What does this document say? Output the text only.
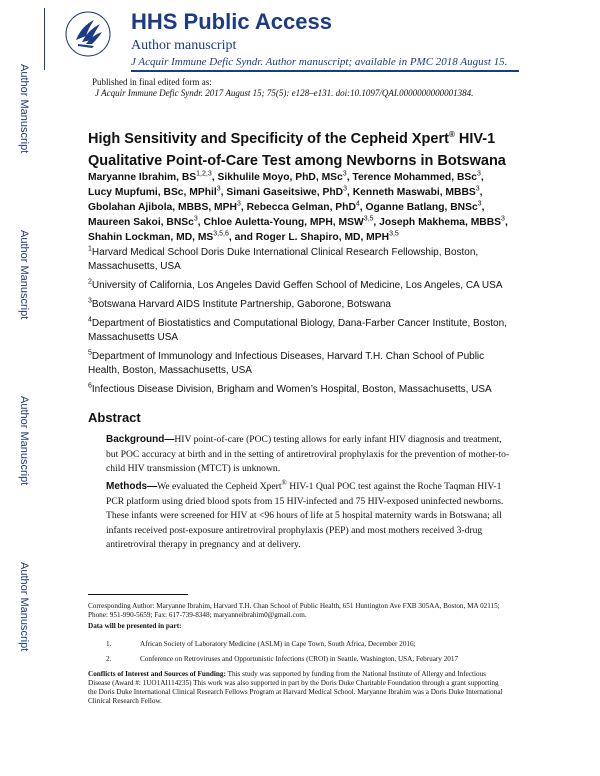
Author Manuscript
Author Manuscript
Author Manuscript
Author Manuscript
HHS Public Access
Author manuscript
J Acquir Immune Defic Syndr. Author manuscript; available in PMC 2018 August 15.
Published in final edited form as:
J Acquir Immune Defic Syndr. 2017 August 15; 75(5): e128–e131. doi:10.1097/QAI.0000000000001384.
High Sensitivity and Specificity of the Cepheid Xpert® HIV-1 Qualitative Point-of-Care Test among Newborns in Botswana
Maryanne Ibrahim, BS$^{1,2,3}$, Sikhulile Moyo, PhD, MSc$^3$, Terence Mohammed, BSc$^3$, Lucy Mupfumi, BSc, MPhil$^3$, Simani Gaseitsiwe, PhD$^3$, Kenneth Maswabi, MBBS$^3$, Gbolahan Ajibola, MBBS, MPH$^3$, Rebecca Gelman, PhD$^4$, Oganne Batlang, BNSc$^3$, Maureen Sakoi, BNSc$^3$, Chloe Auletta-Young, MPH, MSW$^{3,5}$, Joseph Makhema, MBBS$^3$, Shahin Lockman, MD, MS$^{3,5,6}$, and Roger L. Shapiro, MD, MPH$^{3,5}$
$^1$Harvard Medical School Doris Duke International Clinical Research Fellowship, Boston, Massachusetts, USA
$^2$University of California, Los Angeles David Geffen School of Medicine, Los Angeles, CA USA
$^3$Botswana Harvard AIDS Institute Partnership, Gaborone, Botswana
$^4$Department of Biostatistics and Computational Biology, Dana-Farber Cancer Institute, Boston, Massachusetts USA
$^5$Department of Immunology and Infectious Diseases, Harvard T.H. Chan School of Public Health, Boston, Massachusetts, USA
$^6$Infectious Disease Division, Brigham and Women’s Hospital, Boston, Massachusetts, USA
Abstract
Background—HIV point-of-care (POC) testing allows for early infant HIV diagnosis and treatment, but POC accuracy at birth and in the setting of antiretroviral prophylaxis for the prevention of mother-to-child HIV transmission (MTCT) is unknown.
Methods—We evaluated the Cepheid Xpert® HIV-1 Qual POC test against the Roche Taqman HIV-1 PCR platform using dried blood spots from 15 HIV-infected and 75 HIV-exposed uninfected newborns. These infants were screened for HIV at <96 hours of life at 5 hospital maternity wards in Botswana; all infants received post-exposure antiretroviral prophylaxis (PEP) and most mothers received 3-drug antiretroviral therapy in pregnancy and at delivery.
Corresponding Author: Maryanne Ibrahim, Harvard T.H. Chan School of Public Health, 651 Huntington Ave FXB 305AA, Boston, MA 02115; Phone: 951-990-5659; Fax: 617-739-8348; maryanneibrahim0@gmail.com.
Data will be presented in part:
1.	African Society of Laboratory Medicine (ASLM) in Cape Town, South Africa, December 2016;
2.	Conference on Retroviruses and Opportunistic Infections (CROI) in Seattle, Washington, USA, February 2017
Conflicts of Interest and Sources of Funding: This study was supported by funding from the National Institute of Allergy and Infectious Disease (Award #: 1UO1AI114235) This work was also supported in part by the Doris Duke Charitable Foundation through a grant supporting the Doris Duke International Clinical Research Fellows Program at Harvard Medical School. Maryanne Ibrahim was a Doris Duke International Clinical Research Fellow.
